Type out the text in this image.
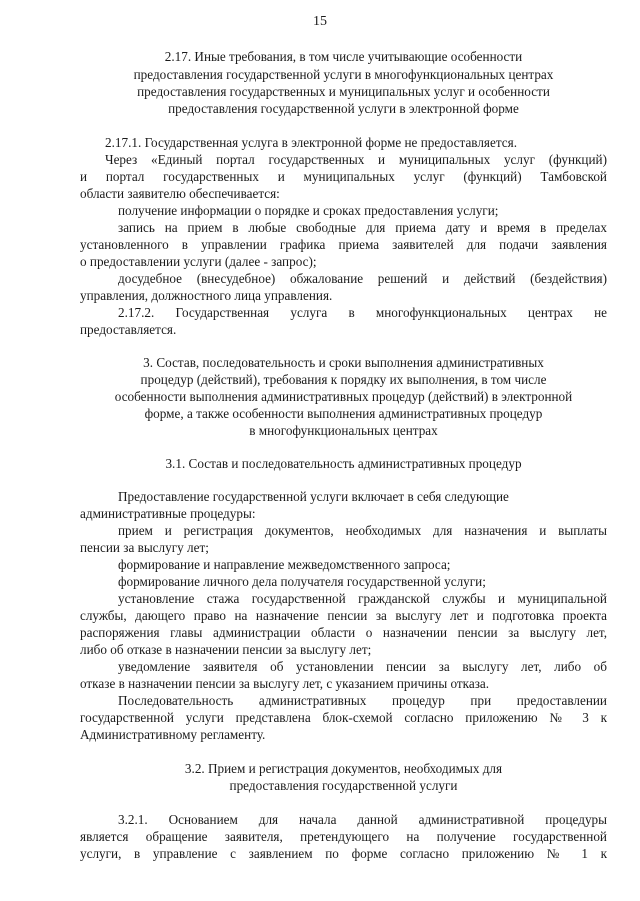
15
2.17. Иные требования, в том числе учитывающие особенности
предоставления государственной услуги в многофункциональных центрах
предоставления государственных и муниципальных услуг и особенности
предоставления государственной услуги в электронной форме
2.17.1. Государственная услуга в электронной форме не предоставляется.
Через «Единый портал государственных и муниципальных услуг (функций)
и портал государственных и муниципальных услуг (функций) Тамбовской
области заявителю обеспечивается:
получение информации о порядке и сроках предоставления услуги;
запись на прием в любые свободные для приема дату и время в пределах
установленного в управлении графика приема заявителей для подачи заявления
о предоставлении услуги (далее - запрос);
досудебное (внесудебное) обжалование решений и действий (бездействия)
управления, должностного лица управления.
2.17.2. Государственная услуга в многофункциональных центрах не
предоставляется.
3. Состав, последовательность и сроки выполнения административных
процедур (действий), требования к порядку их выполнения, в том числе
особенности выполнения административных процедур (действий) в электронной
форме, а также особенности выполнения административных процедур
в многофункциональных центрах
3.1. Состав и последовательность административных процедур
Предоставление государственной услуги включает в себя следующие
административные процедуры:
прием и регистрация документов, необходимых для назначения и выплаты
пенсии за выслугу лет;
формирование и направление межведомственного запроса;
формирование личного дела получателя государственной услуги;
установление стажа государственной гражданской службы и муниципальной
службы, дающего право на назначение пенсии за выслугу лет и подготовка проекта
распоряжения главы администрации области о назначении пенсии за выслугу лет,
либо об отказе в назначении пенсии за выслугу лет;
уведомление заявителя об установлении пенсии за выслугу лет, либо об
отказе в назначении пенсии за выслугу лет, с указанием причины отказа.
Последовательность административных процедур при предоставлении
государственной услуги представлена блок-схемой согласно приложению № 3 к
Административному регламенту.
3.2. Прием и регистрация документов, необходимых для
предоставления государственной услуги
3.2.1. Основанием для начала данной административной процедуры
является обращение заявителя, претендующего на получение государственной
услуги, в управление с заявлением по форме согласно приложению № 1 к
